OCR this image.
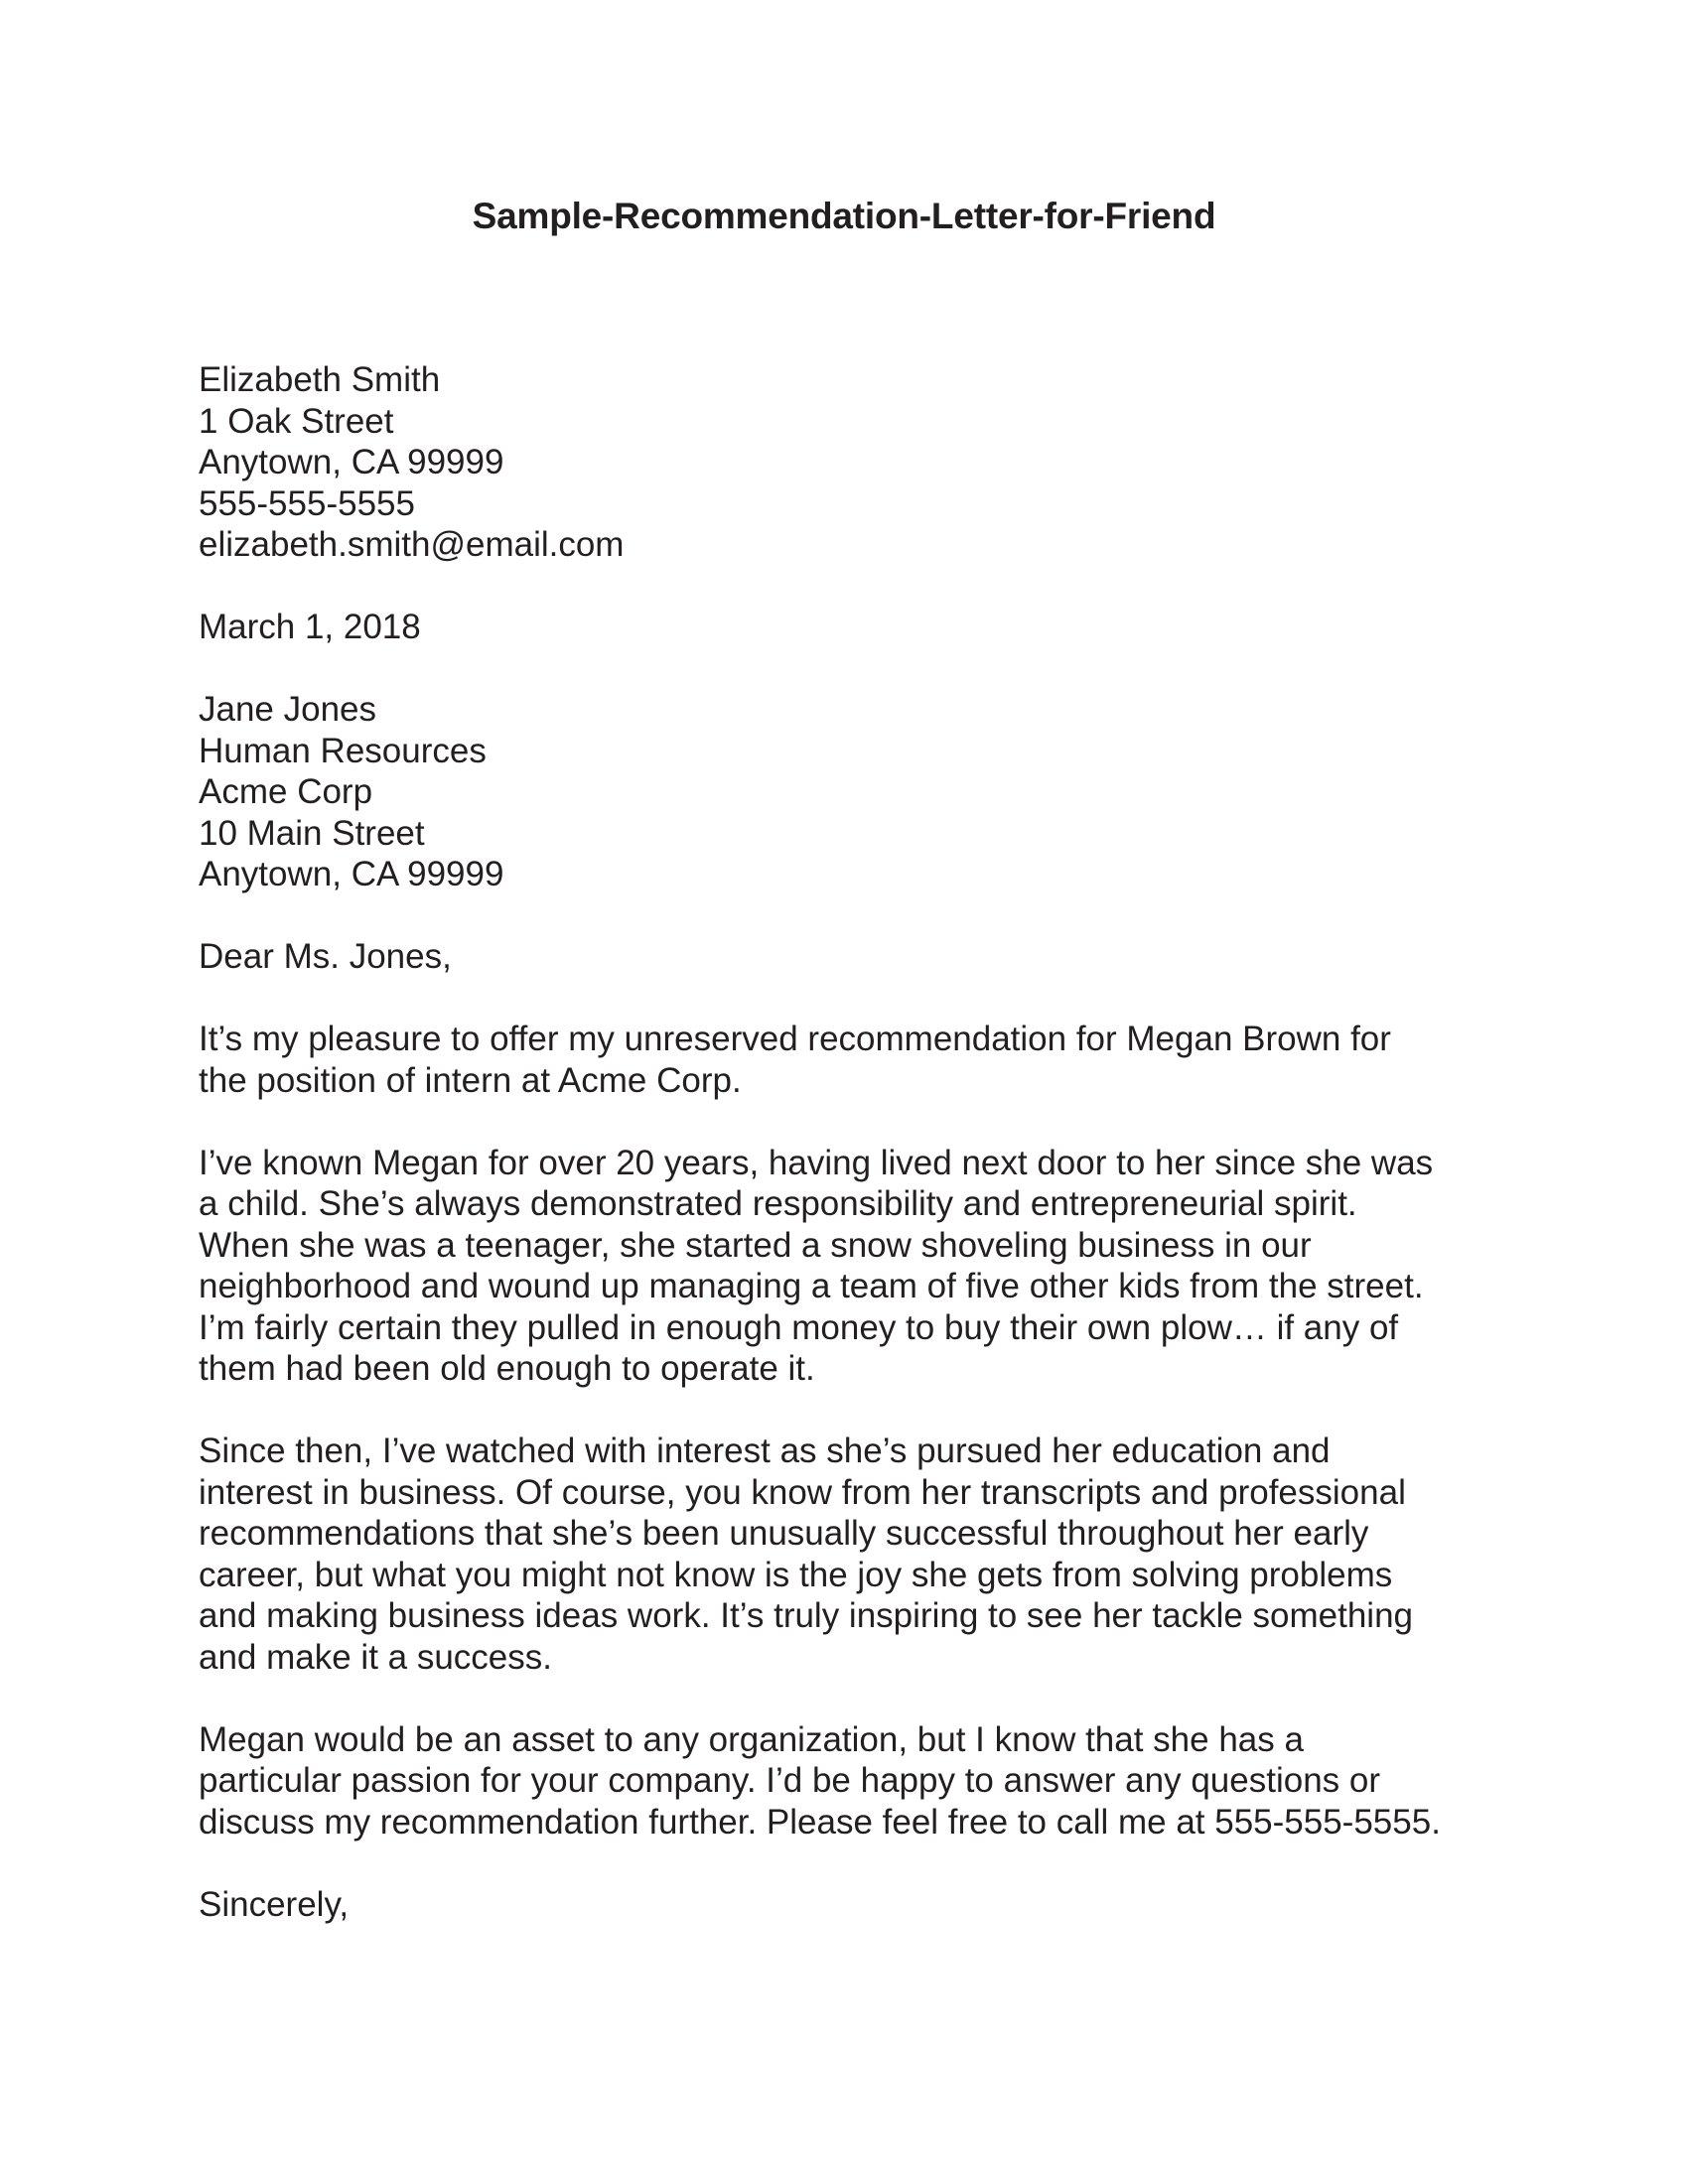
Sample-Recommendation-Letter-for-Friend
Elizabeth Smith
1 Oak Street
Anytown, CA 99999
555-555-5555
elizabeth.smith@email.com
March 1, 2018
Jane Jones
Human Resources
Acme Corp
10 Main Street
Anytown, CA 99999
Dear Ms. Jones,
It’s my pleasure to offer my unreserved recommendation for Megan Brown for
the position of intern at Acme Corp.
I’ve known Megan for over 20 years, having lived next door to her since she was
a child. She’s always demonstrated responsibility and entrepreneurial spirit.
When she was a teenager, she started a snow shoveling business in our
neighborhood and wound up managing a team of five other kids from the street.
I’m fairly certain they pulled in enough money to buy their own plow… if any of
them had been old enough to operate it.
Since then, I’ve watched with interest as she’s pursued her education and
interest in business. Of course, you know from her transcripts and professional
recommendations that she’s been unusually successful throughout her early
career, but what you might not know is the joy she gets from solving problems
and making business ideas work. It’s truly inspiring to see her tackle something
and make it a success.
Megan would be an asset to any organization, but I know that she has a
particular passion for your company. I’d be happy to answer any questions or
discuss my recommendation further. Please feel free to call me at 555-555-5555.
Sincerely,
